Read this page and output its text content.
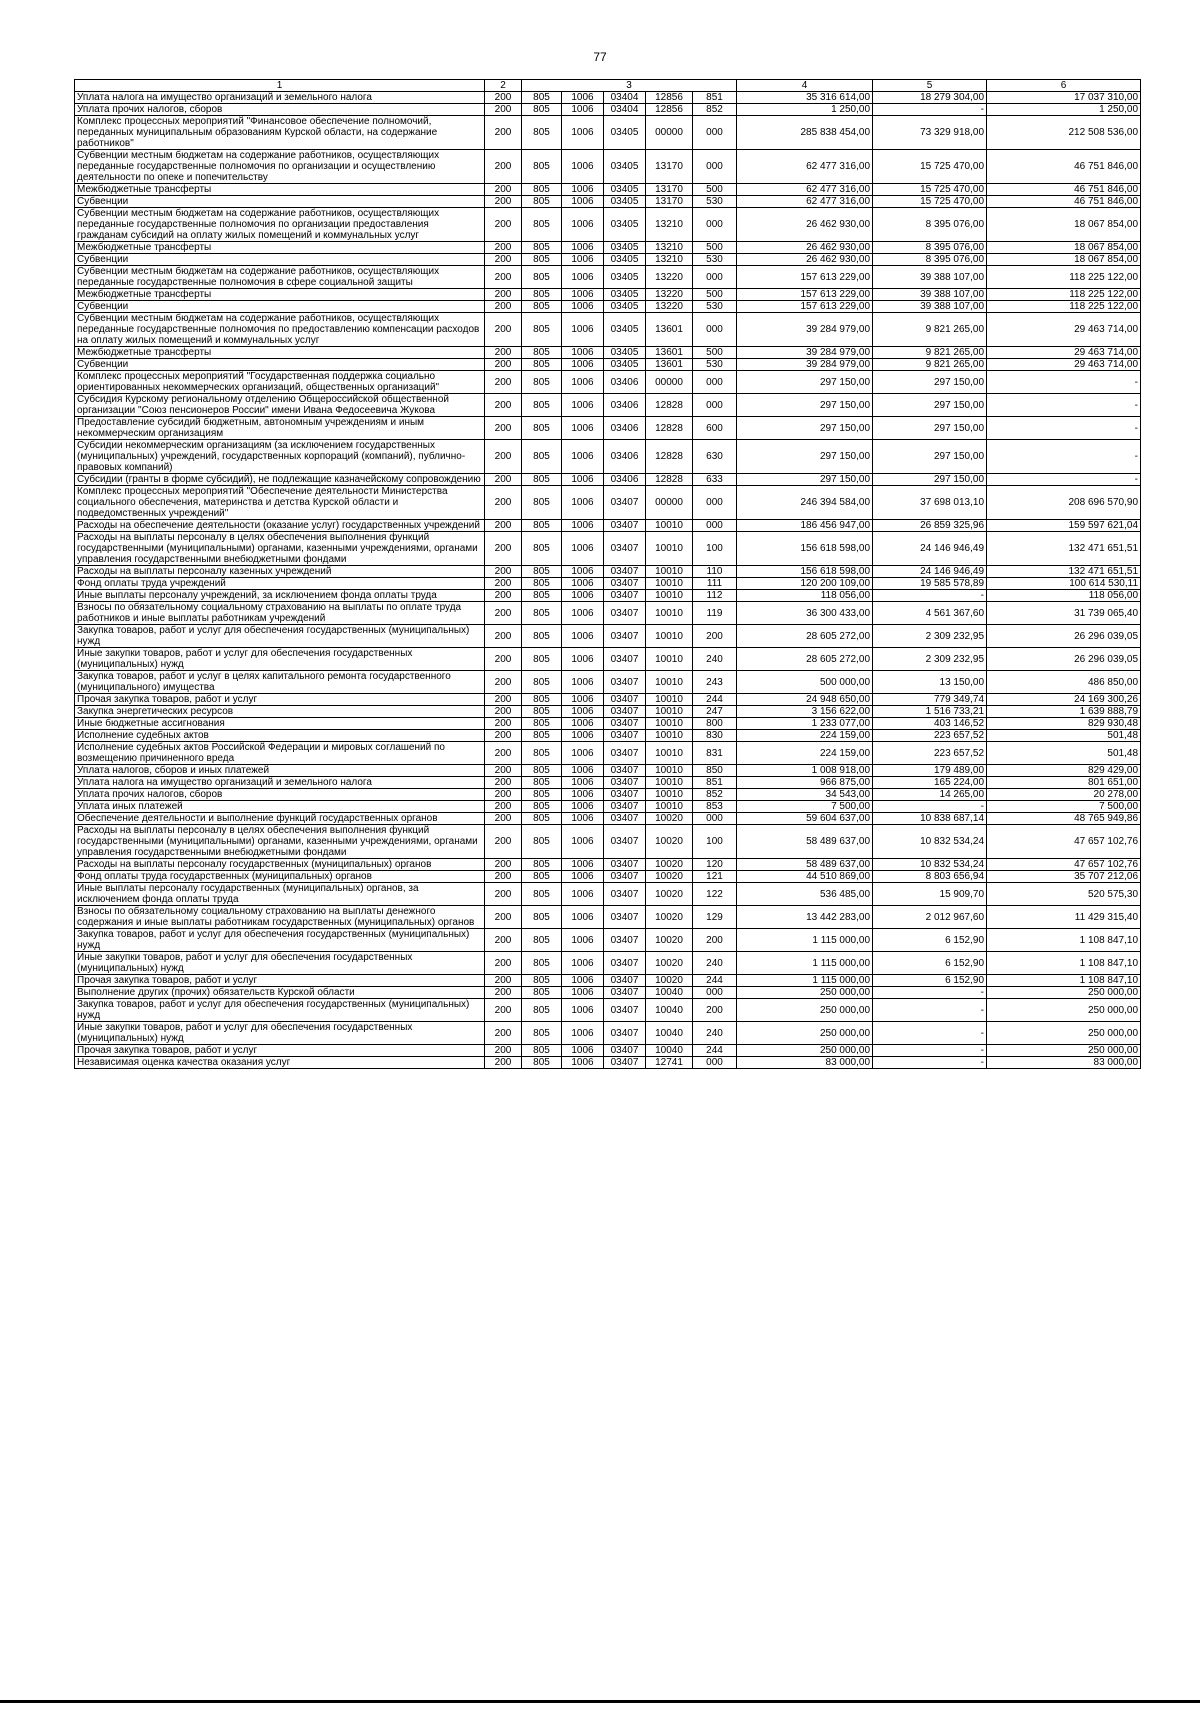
77
1	2	3					4	5	6
Уплата налога на имущество организаций и земельного налога	200	805	1006	03404	12856	851	35 316 614,00	18 279 304,00	17 037 310,00
Уплата прочих налогов, сборов	200	805	1006	03404	12856	852	1 250,00	-	1 250,00
Комплекс процессных мероприятий "Финансовое обеспечение полномочий, переданных муниципальным образованиям Курской области, на содержание работников"	200	805	1006	03405	00000	000	285 838 454,00	73 329 918,00	212 508 536,00
Субвенции местным бюджетам на содержание работников, осуществляющих переданные государственные полномочия по организации и осуществлению деятельности по опеке и попечительству	200	805	1006	03405	13170	000	62 477 316,00	15 725 470,00	46 751 846,00
Межбюджетные трансферты	200	805	1006	03405	13170	500	62 477 316,00	15 725 470,00	46 751 846,00
Субвенции	200	805	1006	03405	13170	530	62 477 316,00	15 725 470,00	46 751 846,00
Субвенции местным бюджетам на содержание работников, осуществляющих переданные государственные полномочия по организации предоставления гражданам субсидий на оплату жилых помещений и коммунальных услуг	200	805	1006	03405	13210	000	26 462 930,00	8 395 076,00	18 067 854,00
Межбюджетные трансферты	200	805	1006	03405	13210	500	26 462 930,00	8 395 076,00	18 067 854,00
Субвенции	200	805	1006	03405	13210	530	26 462 930,00	8 395 076,00	18 067 854,00
Субвенции местным бюджетам на содержание работников, осуществляющих переданные государственные полномочия в сфере социальной защиты	200	805	1006	03405	13220	000	157 613 229,00	39 388 107,00	118 225 122,00
Межбюджетные трансферты	200	805	1006	03405	13220	500	157 613 229,00	39 388 107,00	118 225 122,00
Субвенции	200	805	1006	03405	13220	530	157 613 229,00	39 388 107,00	118 225 122,00
Субвенции местным бюджетам на содержание работников, осуществляющих переданные государственные полномочия по предоставлению компенсации расходов на оплату жилых помещений и коммунальных услуг	200	805	1006	03405	13601	000	39 284 979,00	9 821 265,00	29 463 714,00
Межбюджетные трансферты	200	805	1006	03405	13601	500	39 284 979,00	9 821 265,00	29 463 714,00
Субвенции	200	805	1006	03405	13601	530	39 284 979,00	9 821 265,00	29 463 714,00
Комплекс процессных мероприятий "Государственная поддержка социально ориентированных некоммерческих организаций, общественных организаций"	200	805	1006	03406	00000	000	297 150,00	297 150,00	-
Субсидия Курскому региональному отделению Общероссийской общественной организации "Союз пенсионеров России" имени Ивана Федосеевича Жукова	200	805	1006	03406	12828	000	297 150,00	297 150,00	-
Предоставление субсидий бюджетным, автономным учреждениям и иным некоммерческим организациям	200	805	1006	03406	12828	600	297 150,00	297 150,00	-
Субсидии некоммерческим организациям (за исключением государственных (муниципальных) учреждений, государственных корпораций (компаний), публично-правовых компаний)	200	805	1006	03406	12828	630	297 150,00	297 150,00	-
Субсидии (гранты в форме субсидий), не подлежащие казначейскому сопровождению	200	805	1006	03406	12828	633	297 150,00	297 150,00	-
Комплекс процессных мероприятий "Обеспечение деятельности Министерства социального обеспечения, материнства и детства Курской области и подведомственных учреждений"	200	805	1006	03407	00000	000	246 394 584,00	37 698 013,10	208 696 570,90
Расходы на обеспечение деятельности (оказание услуг) государственных учреждений	200	805	1006	03407	10010	000	186 456 947,00	26 859 325,96	159 597 621,04
Расходы на выплаты персоналу в целях обеспечения выполнения функций государственными (муниципальными) органами, казенными учреждениями, органами управления государственными внебюджетными фондами	200	805	1006	03407	10010	100	156 618 598,00	24 146 946,49	132 471 651,51
Расходы на выплаты персоналу казенных учреждений	200	805	1006	03407	10010	110	156 618 598,00	24 146 946,49	132 471 651,51
Фонд оплаты труда учреждений	200	805	1006	03407	10010	111	120 200 109,00	19 585 578,89	100 614 530,11
Иные выплаты персоналу учреждений, за исключением фонда оплаты труда	200	805	1006	03407	10010	112	118 056,00	-	118 056,00
Взносы по обязательному социальному страхованию на выплаты по оплате труда работников и иные выплаты работникам учреждений	200	805	1006	03407	10010	119	36 300 433,00	4 561 367,60	31 739 065,40
Закупка товаров, работ и услуг для обеспечения государственных (муниципальных) нужд	200	805	1006	03407	10010	200	28 605 272,00	2 309 232,95	26 296 039,05
Иные закупки товаров, работ и услуг для обеспечения государственных (муниципальных) нужд	200	805	1006	03407	10010	240	28 605 272,00	2 309 232,95	26 296 039,05
Закупка товаров, работ и услуг в целях капитального ремонта государственного (муниципального) имущества	200	805	1006	03407	10010	243	500 000,00	13 150,00	486 850,00
Прочая закупка товаров, работ и услуг	200	805	1006	03407	10010	244	24 948 650,00	779 349,74	24 169 300,26
Закупка энергетических ресурсов	200	805	1006	03407	10010	247	3 156 622,00	1 516 733,21	1 639 888,79
Иные бюджетные ассигнования	200	805	1006	03407	10010	800	1 233 077,00	403 146,52	829 930,48
Исполнение судебных актов	200	805	1006	03407	10010	830	224 159,00	223 657,52	501,48
Исполнение судебных актов Российской Федерации и мировых соглашений по возмещению причиненного вреда	200	805	1006	03407	10010	831	224 159,00	223 657,52	501,48
Уплата налогов, сборов и иных платежей	200	805	1006	03407	10010	850	1 008 918,00	179 489,00	829 429,00
Уплата налога на имущество организаций и земельного налога	200	805	1006	03407	10010	851	966 875,00	165 224,00	801 651,00
Уплата прочих налогов, сборов	200	805	1006	03407	10010	852	34 543,00	14 265,00	20 278,00
Уплата иных платежей	200	805	1006	03407	10010	853	7 500,00	-	7 500,00
Обеспечение деятельности и выполнение функций государственных органов	200	805	1006	03407	10020	000	59 604 637,00	10 838 687,14	48 765 949,86
Расходы на выплаты персоналу в целях обеспечения выполнения функций государственными (муниципальными) органами, казенными учреждениями, органами управления государственными внебюджетными фондами	200	805	1006	03407	10020	100	58 489 637,00	10 832 534,24	47 657 102,76
Расходы на выплаты персоналу государственных (муниципальных) органов	200	805	1006	03407	10020	120	58 489 637,00	10 832 534,24	47 657 102,76
Фонд оплаты труда государственных (муниципальных) органов	200	805	1006	03407	10020	121	44 510 869,00	8 803 656,94	35 707 212,06
Иные выплаты персоналу государственных (муниципальных) органов, за исключением фонда оплаты труда	200	805	1006	03407	10020	122	536 485,00	15 909,70	520 575,30
Взносы по обязательному социальному страхованию на выплаты денежного содержания и иные выплаты работникам государственных (муниципальных) органов	200	805	1006	03407	10020	129	13 442 283,00	2 012 967,60	11 429 315,40
Закупка товаров, работ и услуг для обеспечения государственных (муниципальных) нужд	200	805	1006	03407	10020	200	1 115 000,00	6 152,90	1 108 847,10
Иные закупки товаров, работ и услуг для обеспечения государственных (муниципальных) нужд	200	805	1006	03407	10020	240	1 115 000,00	6 152,90	1 108 847,10
Прочая закупка товаров, работ и услуг	200	805	1006	03407	10020	244	1 115 000,00	6 152,90	1 108 847,10
Выполнение других (прочих) обязательств Курской области	200	805	1006	03407	10040	000	250 000,00	-	250 000,00
Закупка товаров, работ и услуг для обеспечения государственных (муниципальных) нужд	200	805	1006	03407	10040	200	250 000,00	-	250 000,00
Иные закупки товаров, работ и услуг для обеспечения государственных (муниципальных) нужд	200	805	1006	03407	10040	240	250 000,00	-	250 000,00
Прочая закупка товаров, работ и услуг	200	805	1006	03407	10040	244	250 000,00	-	250 000,00
Независимая оценка качества оказания услуг	200	805	1006	03407	12741	000	83 000,00	-	83 000,00
